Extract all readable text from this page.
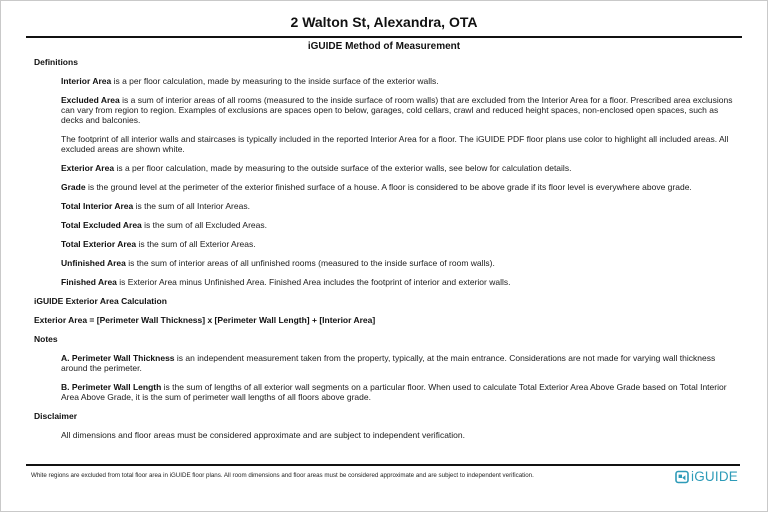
2 Walton St, Alexandra, OTA
iGUIDE Method of Measurement
Definitions

Interior Area is a per floor calculation, made by measuring to the inside surface of the exterior walls.

Excluded Area is a sum of interior areas of all rooms (measured to the inside surface of room walls) that are excluded from the Interior Area for a floor. Prescribed area exclusions can vary from region to region. Examples of exclusions are spaces open to below, garages, cold cellars, crawl and reduced height spaces, non-enclosed open spaces, such as decks and balconies.

The footprint of all interior walls and staircases is typically included in the reported Interior Area for a floor. The iGUIDE PDF floor plans use color to highlight all included areas. All excluded areas are shown white.

Exterior Area is a per floor calculation, made by measuring to the outside surface of the exterior walls, see below for calculation details.

Grade is the ground level at the perimeter of the exterior finished surface of a house. A floor is considered to be above grade if its floor level is everywhere above grade.

Total Interior Area is the sum of all Interior Areas.

Total Excluded Area is the sum of all Excluded Areas.

Total Exterior Area is the sum of all Exterior Areas.

Unfinished Area is the sum of interior areas of all unfinished rooms (measured to the inside surface of room walls).

Finished Area is Exterior Area minus Unfinished Area. Finished Area includes the footprint of interior and exterior walls.

iGUIDE Exterior Area Calculation
Exterior Area = [Perimeter Wall Thickness] x [Perimeter Wall Length] + [Interior Area]
Notes

A. Perimeter Wall Thickness is an independent measurement taken from the property, typically, at the main entrance. Considerations are not made for varying wall thickness around the perimeter.

B. Perimeter Wall Length is the sum of lengths of all exterior wall segments on a particular floor. When used to calculate Total Exterior Area Above Grade based on Total Interior Area Above Grade, it is the sum of perimeter wall lengths of all floors above grade.

Disclaimer

All dimensions and floor areas must be considered approximate and are subject to independent verification.

White regions are excluded from total floor area in iGUIDE floor plans. All room dimensions and floor areas must be considered approximate and are subject to independent verification.	iGUIDE
